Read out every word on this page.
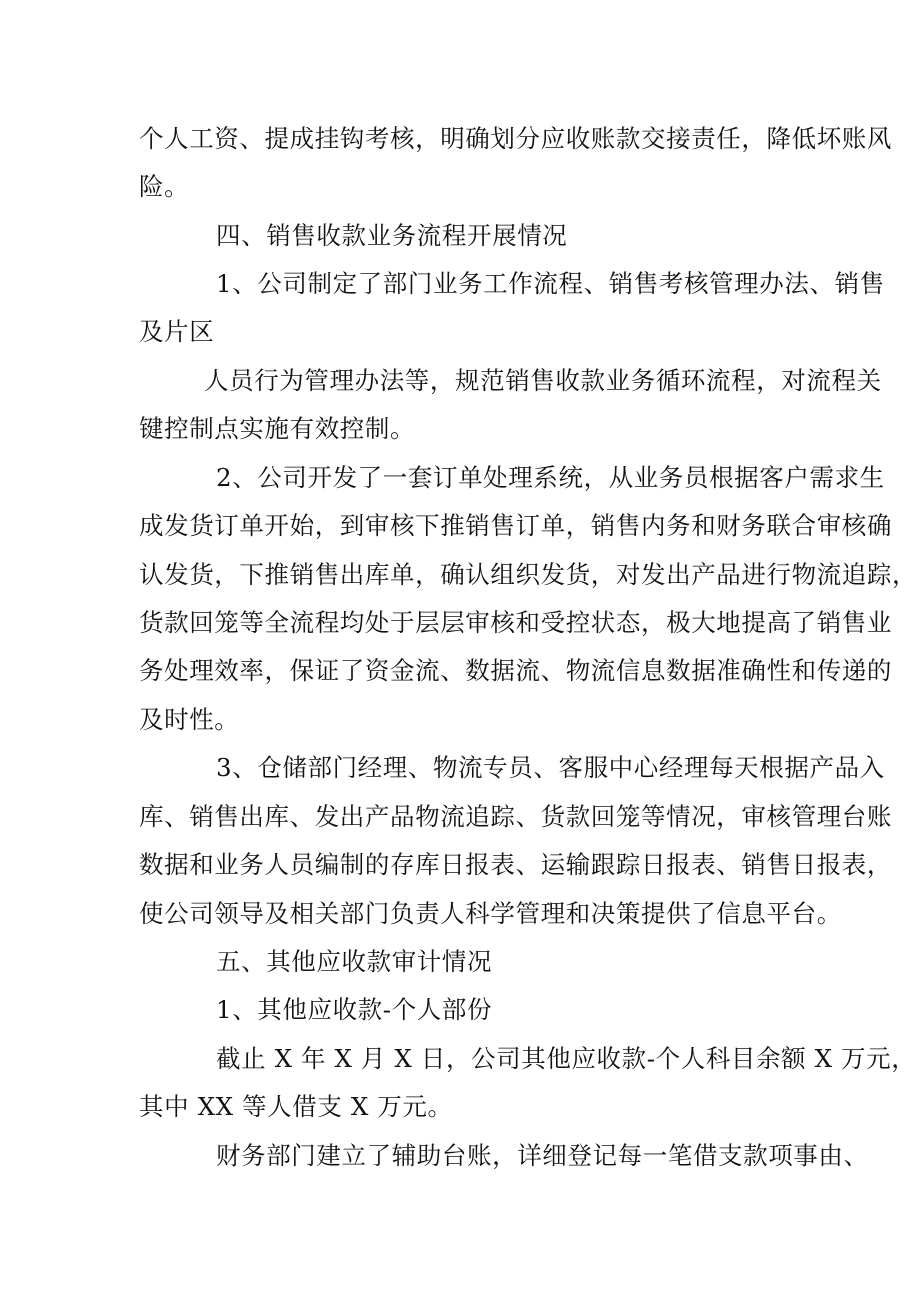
个人工资、提成挂钩考核，明确划分应收账款交接责任，降低坏账风
险。
四、销售收款业务流程开展情况
1、公司制定了部门业务工作流程、销售考核管理办法、销售
及片区
人员行为管理办法等，规范销售收款业务循环流程，对流程关
键控制点实施有效控制。
2、公司开发了一套订单处理系统，从业务员根据客户需求生
成发货订单开始，到审核下推销售订单，销售内务和财务联合审核确
认发货，下推销售出库单，确认组织发货，对发出产品进行物流追踪，
货款回笼等全流程均处于层层审核和受控状态，极大地提高了销售业
务处理效率，保证了资金流、数据流、物流信息数据准确性和传递的
及时性。
3、仓储部门经理、物流专员、客服中心经理每天根据产品入
库、销售出库、发出产品物流追踪、货款回笼等情况，审核管理台账
数据和业务人员编制的存库日报表、运输跟踪日报表、销售日报表，
使公司领导及相关部门负责人科学管理和决策提供了信息平台。
五、其他应收款审计情况
1、其他应收款-个人部份
截止 X 年 X 月 X 日，公司其他应收款-个人科目余额 X 万元，
其中 XX 等人借支 X 万元。
财务部门建立了辅助台账，详细登记每一笔借支款项事由、
